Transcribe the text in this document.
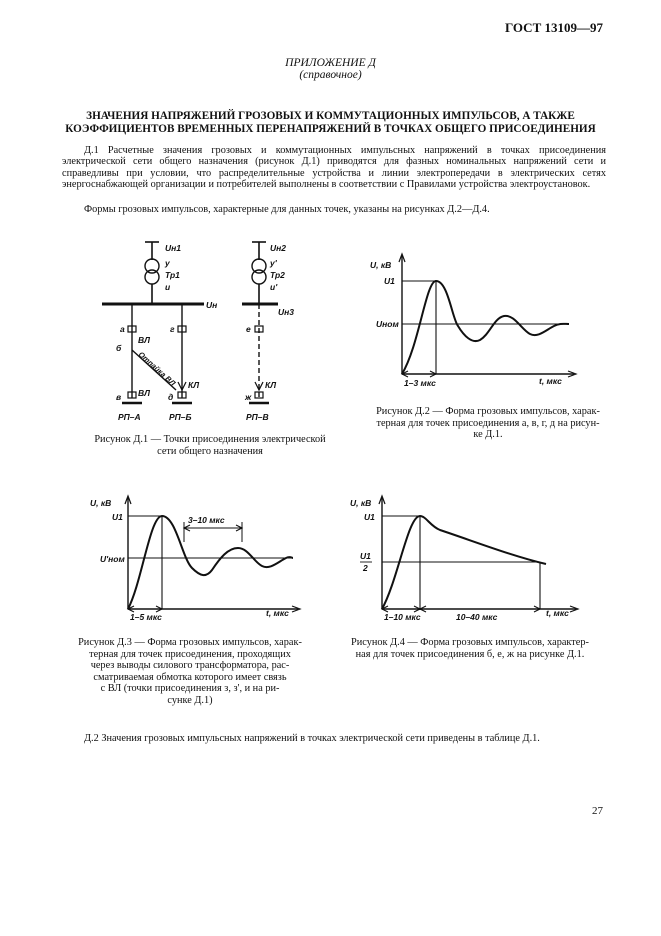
ГОСТ 13109—97
ПРИЛОЖЕНИЕ Д
(справочное)
ЗНАЧЕНИЯ НАПРЯЖЕНИЙ ГРОЗОВЫХ И КОММУТАЦИОННЫХ ИМПУЛЬСОВ, А ТАКЖЕ
КОЭФФИЦИЕНТОВ ВРЕМЕННЫХ ПЕРЕНАПРЯЖЕНИЙ В ТОЧКАХ ОБЩЕГО ПРИСОЕДИНЕНИЯ
Д.1 Расчетные значения грозовых и коммутационных импульсных напряжений в точках присоединения электрической сети общего назначения (рисунок Д.1) приводятся для фазных номинальных напряжений сети и справедливы при условии, что распределительные устройства и линии электропередачи в электрических сетях энергоснабжающей организации и потребителей выполнены в соответствии с Правилами устройства электроустановок.
Формы грозовых импульсов, характерные для данных точек, указаны на рисунках Д.2—Д.4.
Uн1
у
Тр1
и
Uн2
у'
Тр2
и'
Uн
Uн3
а
ВЛ
б
г	е
Отпайка ВЛ КЛ	КЛ
ВЛ
в	д	ж
РП–А	РП–Б	РП–В
Рисунок Д.1 — Точки присоединения электрической
сети общего назначения
U, кВ
U1
Uном
1–3 мкс	t, мкс
Рисунок Д.2 — Форма грозовых импульсов, харак-
терная для точек присоединения а, в, г, д на рисун-
ке Д.1.
U, кВ
U1
U'ном
3–10 мкс
1–5 мкс	t, мкс
Рисунок Д.3 — Форма грозовых импульсов, харак-
терная для точек присоединения, проходящих
через выводы силового трансформатора, рас-
сматриваемая обмотка которого имеет связь
с ВЛ (точки присоединения з, з', и на ри-
сунке Д.1)
U, кВ
U1
U1
2
1–10 мкс	10–40 мкс	t, мкс
Рисунок Д.4 — Форма грозовых импульсов, характер-
ная для точек присоединения б, е, ж на рисунке Д.1.
Д.2 Значения грозовых импульсных напряжений в точках электрической сети приведены в таблице Д.1.
27
